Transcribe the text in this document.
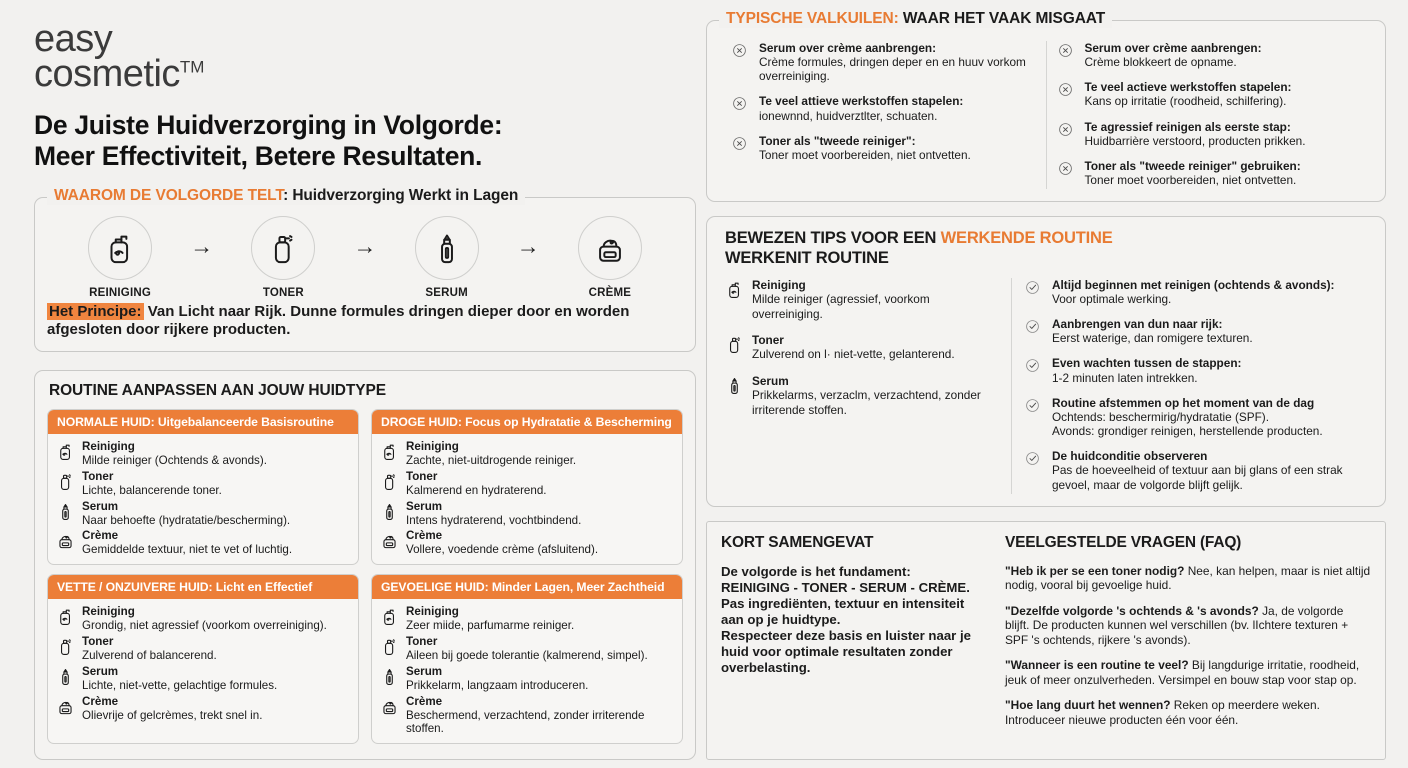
easy
cosmetic™
De Juiste Huidverzorging in Volgorde:
Meer Effectiviteit, Betere Resultaten.
WAAROM DE VOLGORDE TELT: Huidverzorging Werkt in Lagen
REINIGING
→
TONER
→
SERUM
→
CRÈME
Het Principe: Van Licht naar Rijk. Dunne formules dringen dieper door en worden afgesloten door rijkere producten.
ROUTINE AANPASSEN AAN JOUW HUIDTYPE
NORMALE HUID: Uitgebalanceerde Basisroutine
Reiniging
Milde reiniger (Ochtends & avonds).
Toner
Lichte, balancerende toner.
Serum
Naar behoefte (hydratatie/bescherming).
Crème
Gemiddelde textuur, niet te vet of luchtig.
DROGE HUID: Focus op Hydratatie & Bescherming
Reiniging
Zachte, niet-uitdrogende reiniger.
Toner
Kalmerend en hydraterend.
Serum
Intens hydraterend, vochtbindend.
Crème
Vollere, voedende crème (afsluitend).
VETTE / ONZUIVERE HUID: Licht en Effectief
Reiniging
Grondig, niet agressief (voorkom overreiniging).
Toner
Zulverend of balancerend.
Serum
Lichte, niet-vette, gelachtige formules.
Crème
Olievrije of gelcrèmes, trekt snel in.
GEVOELIGE HUID: Minder Lagen, Meer Zachtheid
Reiniging
Zeer miide, parfumarme reiniger.
Toner
Aileen bij goede tolerantie (kalmerend, simpel).
Serum
Prikkelarm, langzaam introduceren.
Crème
Beschermend, verzachtend, zonder irriterende stoffen.
TYPISCHE VALKUILEN: WAAR HET VAAK MISGAAT
Serum over crème aanbrengen:
Crème formules, dringen deper en en huuv vorkom overreiniging.
Te veel attieve werkstoffen stapelen:
ionewnnd, huidverztlter, schuaten.
Toner als "tweede reiniger":
Toner moet voorbereiden, niet ontvetten.
Serum over crème aanbrengen:
Crème blokkeert de opname.
Te veel actieve werkstoffen stapelen:
Kans op irritatie (roodheid, schilfering).
Te agressief reinigen als eerste stap:
Huidbarrière verstoord, producten prikken.
Toner als "tweede reiniger" gebruiken:
Toner moet voorbereiden, niet ontvetten.
BEWEZEN TIPS VOOR EEN WERKENDE ROUTINE
WERKENIT ROUTINE
Reiniging
Milde reiniger (agressief, voorkom overreiniging.
Toner
Zulverend on l· niet-vette, gelanterend.
Serum
Prikkelarms, verzaclm, verzachtend, zonder irriterende stoffen.
Altijd beginnen met reinigen (ochtends & avonds):
Voor optimale werking.
Aanbrengen van dun naar rijk:
Eerst waterige, dan romigere texturen.
Even wachten tussen de stappen:
1-2 minuten laten intrekken.
Routine afstemmen op het moment van de dag
Ochtends: beschermirig/hydratatie (SPF).
Avonds: grondiger reinigen, herstellende producten.
De huidconditie observeren
Pas de hoeveelheid of textuur aan bij glans of een strak gevoel, maar de volgorde blijft gelijk.
KORT SAMENGEVAT
De volgorde is het fundament:
REINIGING - TONER - SERUM - CRÈME.
Pas ingrediënten, textuur en intensiteit aan op je huidtype.
Respecteer deze basis en luister naar je huid voor optimale resultaten zonder overbelasting.
VEELGESTELDE VRAGEN (FAQ)
"Heb ik per se een toner nodig? Nee, kan helpen, maar is niet altijd nodig, vooral bij gevoelige huid.
"Dezelfde volgorde 's ochtends & 's avonds? Ja, de volgorde blijft. De producten kunnen wel verschillen (bv. lIchtere texturen + SPF 's ochtends, rijkere 's avonds).
"Wanneer is een routine te veel? Bij langdurige irritatie, roodheid, jeuk of meer onzulverheden. Versimpel en bouw stap voor stap op.
"Hoe lang duurt het wennen? Reken op meerdere weken. Introduceer nieuwe producten één voor één.
